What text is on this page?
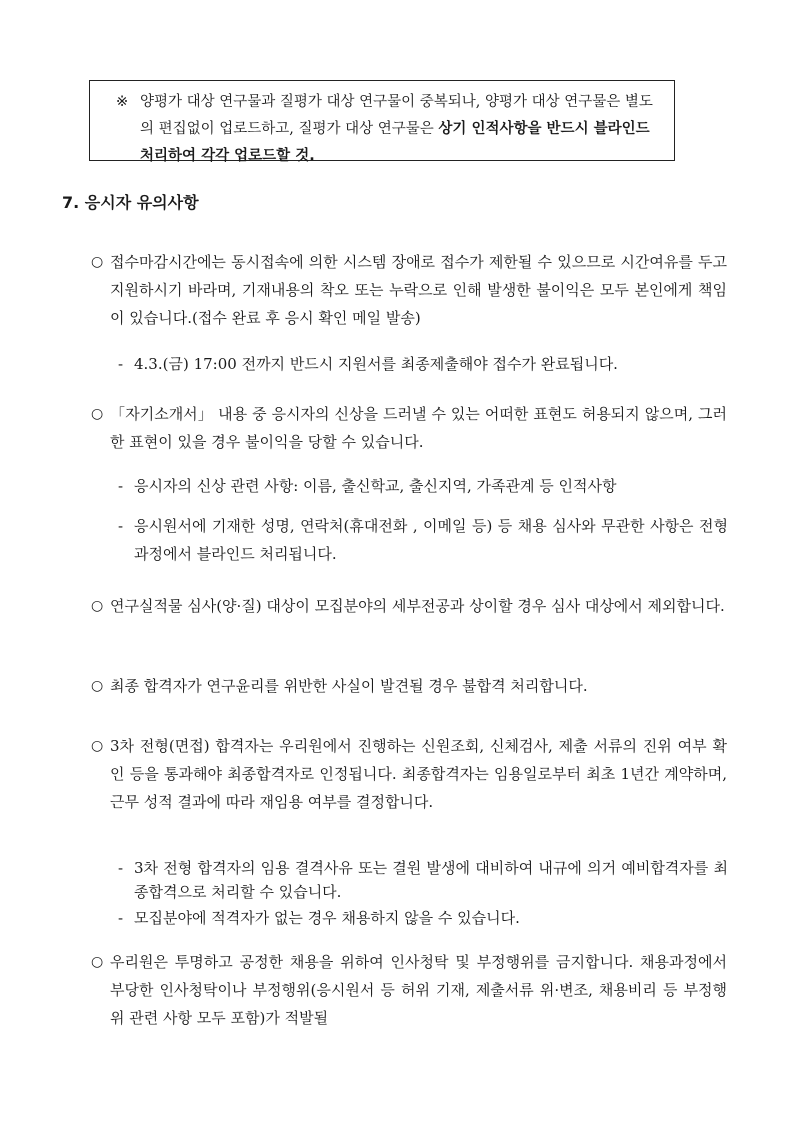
※ 양평가 대상 연구물과 질평가 대상 연구물이 중복되나, 양평가 대상 연구물은 별도의 편집없이 업로드하고, 질평가 대상 연구물은 상기 인적사항을 반드시 블라인드 처리하여 각각 업로드할 것.
7. 응시자 유의사항
○ 접수마감시간에는 동시접속에 의한 시스템 장애로 접수가 제한될 수 있으므로 시간여유를 두고 지원하시기 바라며, 기재내용의 착오 또는 누락으로 인해 발생한 불이익은 모두 본인에게 책임이 있습니다.(접수 완료 후 응시 확인 메일 발송)
- 4.3.(금) 17:00 전까지 반드시 지원서를 최종제출해야 접수가 완료됩니다.
○ 「자기소개서」 내용 중 응시자의 신상을 드러낼 수 있는 어떠한 표현도 허용되지 않으며, 그러한 표현이 있을 경우 불이익을 당할 수 있습니다.
- 응시자의 신상 관련 사항: 이름, 출신학교, 출신지역, 가족관계 등 인적사항
- 응시원서에 기재한 성명, 연락처(휴대전화 , 이메일 등) 등 채용 심사와 무관한 사항은 전형 과정에서 블라인드 처리됩니다.
○ 연구실적물 심사(양·질) 대상이 모집분야의 세부전공과 상이할 경우 심사 대상에서 제외합니다.
○ 최종 합격자가 연구윤리를 위반한 사실이 발견될 경우 불합격 처리합니다.
○ 3차 전형(면접) 합격자는 우리원에서 진행하는 신원조회, 신체검사, 제출 서류의 진위 여부 확인 등을 통과해야 최종합격자로 인정됩니다. 최종합격자는 임용일로부터 최초 1년간 계약하며, 근무 성적 결과에 따라 재임용 여부를 결정합니다.
- 3차 전형 합격자의 임용 결격사유 또는 결원 발생에 대비하여 내규에 의거 예비합격자를 최종합격으로 처리할 수 있습니다.
- 모집분야에 적격자가 없는 경우 채용하지 않을 수 있습니다.
○ 우리원은 투명하고 공정한 채용을 위하여 인사청탁 및 부정행위를 금지합니다. 채용과정에서 부당한 인사청탁이나 부정행위(응시원서 등 허위 기재, 제출서류 위·변조, 채용비리 등 부정행위 관련 사항 모두 포함)가 적발될
